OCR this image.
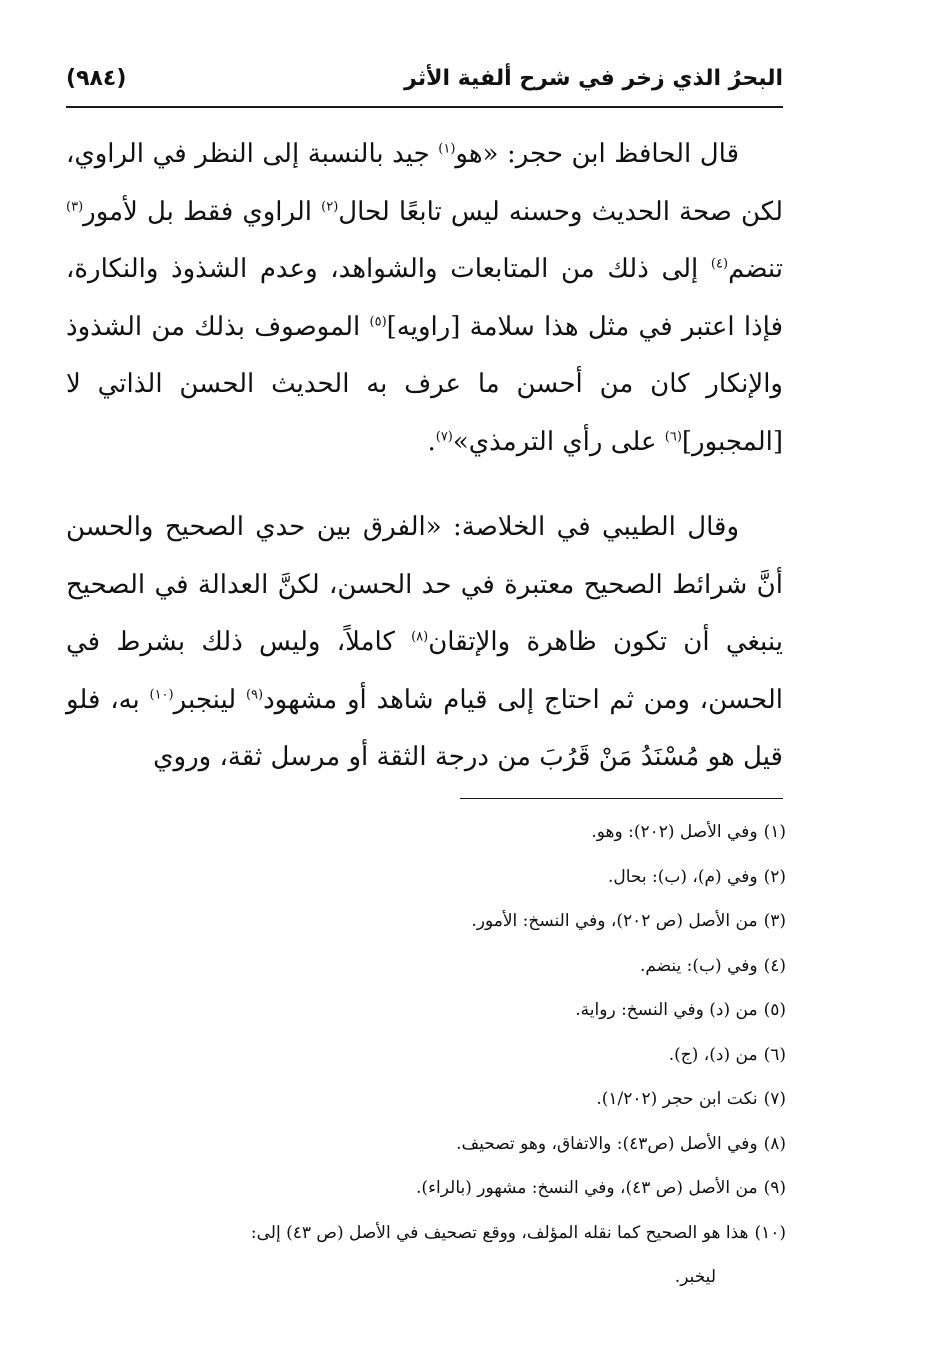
البحرُ الذي زخر في شرح ألفية الأثر
(٩٨٤)

قال الحافظ ابن حجر: «هو$^{(١)}$ جيد بالنسبة إلى النظر في الراوي، لكن صحة الحديث وحسنه ليس تابعًا لحال$^{(٢)}$ الراوي فقط بل لأمور$^{(٣)}$ تنضم$^{(٤)}$ إلى ذلك من المتابعات والشواهد، وعدم الشذوذ والنكارة، فإذا اعتبر في مثل هذا سلامة [راويه]$^{(٥)}$ الموصوف بذلك من الشذوذ والإنكار كان من أحسن ما عرف به الحديث الحسن الذاتي لا [المجبور]$^{(٦)}$ على رأي الترمذي»$^{(٧)}$.

وقال الطيبي في الخلاصة: «الفرق بين حدي الصحيح والحسن أنَّ شرائط الصحيح معتبرة في حد الحسن، لكنَّ العدالة في الصحيح ينبغي أن تكون ظاهرة والإتقان$^{(٨)}$ كاملاً، وليس ذلك بشرط في الحسن، ومن ثم احتاج إلى قيام شاهد أو مشهود$^{(٩)}$ لينجبر$^{(١٠)}$ به، فلو قيل هو مُسْنَدُ مَنْ قَرُبَ من درجة الثقة أو مرسل ثقة، وروي

(١)وفي الأصل (٢٠٢): وهو.

(٢)وفي (م)، (ب): بحال.

(٣)من الأصل (ص ٢٠٢)، وفي النسخ: الأمور.

(٤)وفي (ب): ينضم.

(٥)من (د) وفي النسخ: رواية.

(٦)من (د)، (ج).

(٧)نكت ابن حجر (١/٢٠٢).

(٨)وفي الأصل (ص٤٣): والاتفاق، وهو تصحيف.

(٩)من الأصل (ص ٤٣)، وفي النسخ: مشهور (بالراء).

(١٠)هذا هو الصحيح كما نقله المؤلف، ووقع تصحيف في الأصل (ص ٤٣) إلى:

ليخبر.
